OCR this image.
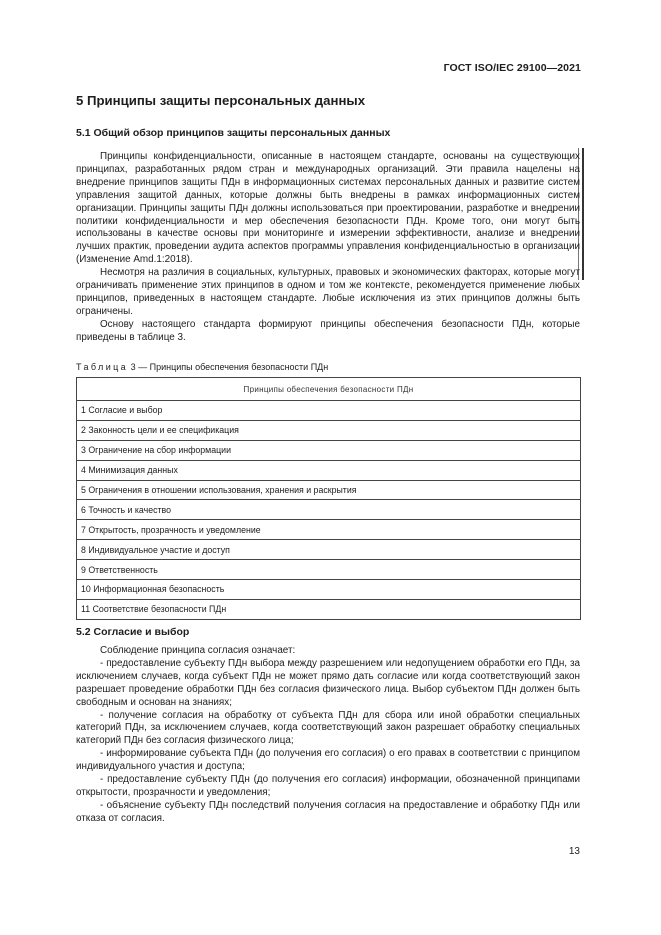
ГОСТ ISO/IEC 29100—2021
5 Принципы защиты персональных данных
5.1 Общий обзор принципов защиты персональных данных

Принципы конфиденциальности, описанные в настоящем стандарте, основаны на существующих принципах, разработанных рядом стран и международных организаций. Эти правила нацелены на внедрение принципов защиты ПДн в информационных системах персональных данных и развитие систем управления защитой данных, которые должны быть внедрены в рамках информационных систем организации. Принципы защиты ПДн должны использоваться при проектировании, разработке и внедрении политики конфиденциальности и мер обеспечения безопасности ПДн. Кроме того, они могут быть использованы в качестве основы при мониторинге и измерении эффективности, анализе и внедрении лучших практик, проведении аудита аспектов программы управления конфиденциальностью в организации (Изменение Amd.1:2018).

Несмотря на различия в социальных, культурных, правовых и экономических факторах, которые могут ограничивать применение этих принципов в одном и том же контексте, рекомендуется применение любых принципов, приведенных в настоящем стандарте. Любые исключения из этих принципов должны быть ограничены.

Основу настоящего стандарта формируют принципы обеспечения безопасности ПДн, которые приведены в таблице 3.

Таблица 3 — Принципы обеспечения безопасности ПДн
Принципы обеспечения безопасности ПДн
1 Согласие и выбор
2 Законность цели и ее спецификация
3 Ограничение на сбор информации
4 Минимизация данных
5 Ограничения в отношении использования, хранения и раскрытия
6 Точность и качество
7 Открытость, прозрачность и уведомление
8 Индивидуальное участие и доступ
9 Ответственность
10 Информационная безопасность
11 Соответствие безопасности ПДн
5.2 Согласие и выбор

Соблюдение принципа согласия означает:

- предоставление субъекту ПДн выбора между разрешением или недопущением обработки его ПДн, за исключением случаев, когда субъект ПДн не может прямо дать согласие или когда соответствующий закон разрешает проведение обработки ПДн без согласия физического лица. Выбор субъектом ПДн должен быть свободным и основан на знаниях;

- получение согласия на обработку от субъекта ПДн для сбора или иной обработки специальных категорий ПДн, за исключением случаев, когда соответствующий закон разрешает обработку специальных категорий ПДн без согласия физического лица;

- информирование субъекта ПДн (до получения его согласия) о его правах в соответствии с принципом индивидуального участия и доступа;

- предоставление субъекту ПДн (до получения его согласия) информации, обозначенной принципами открытости, прозрачности и уведомления;

- объяснение субъекту ПДн последствий получения согласия на предоставление и обработку ПДн или отказа от согласия.

13
